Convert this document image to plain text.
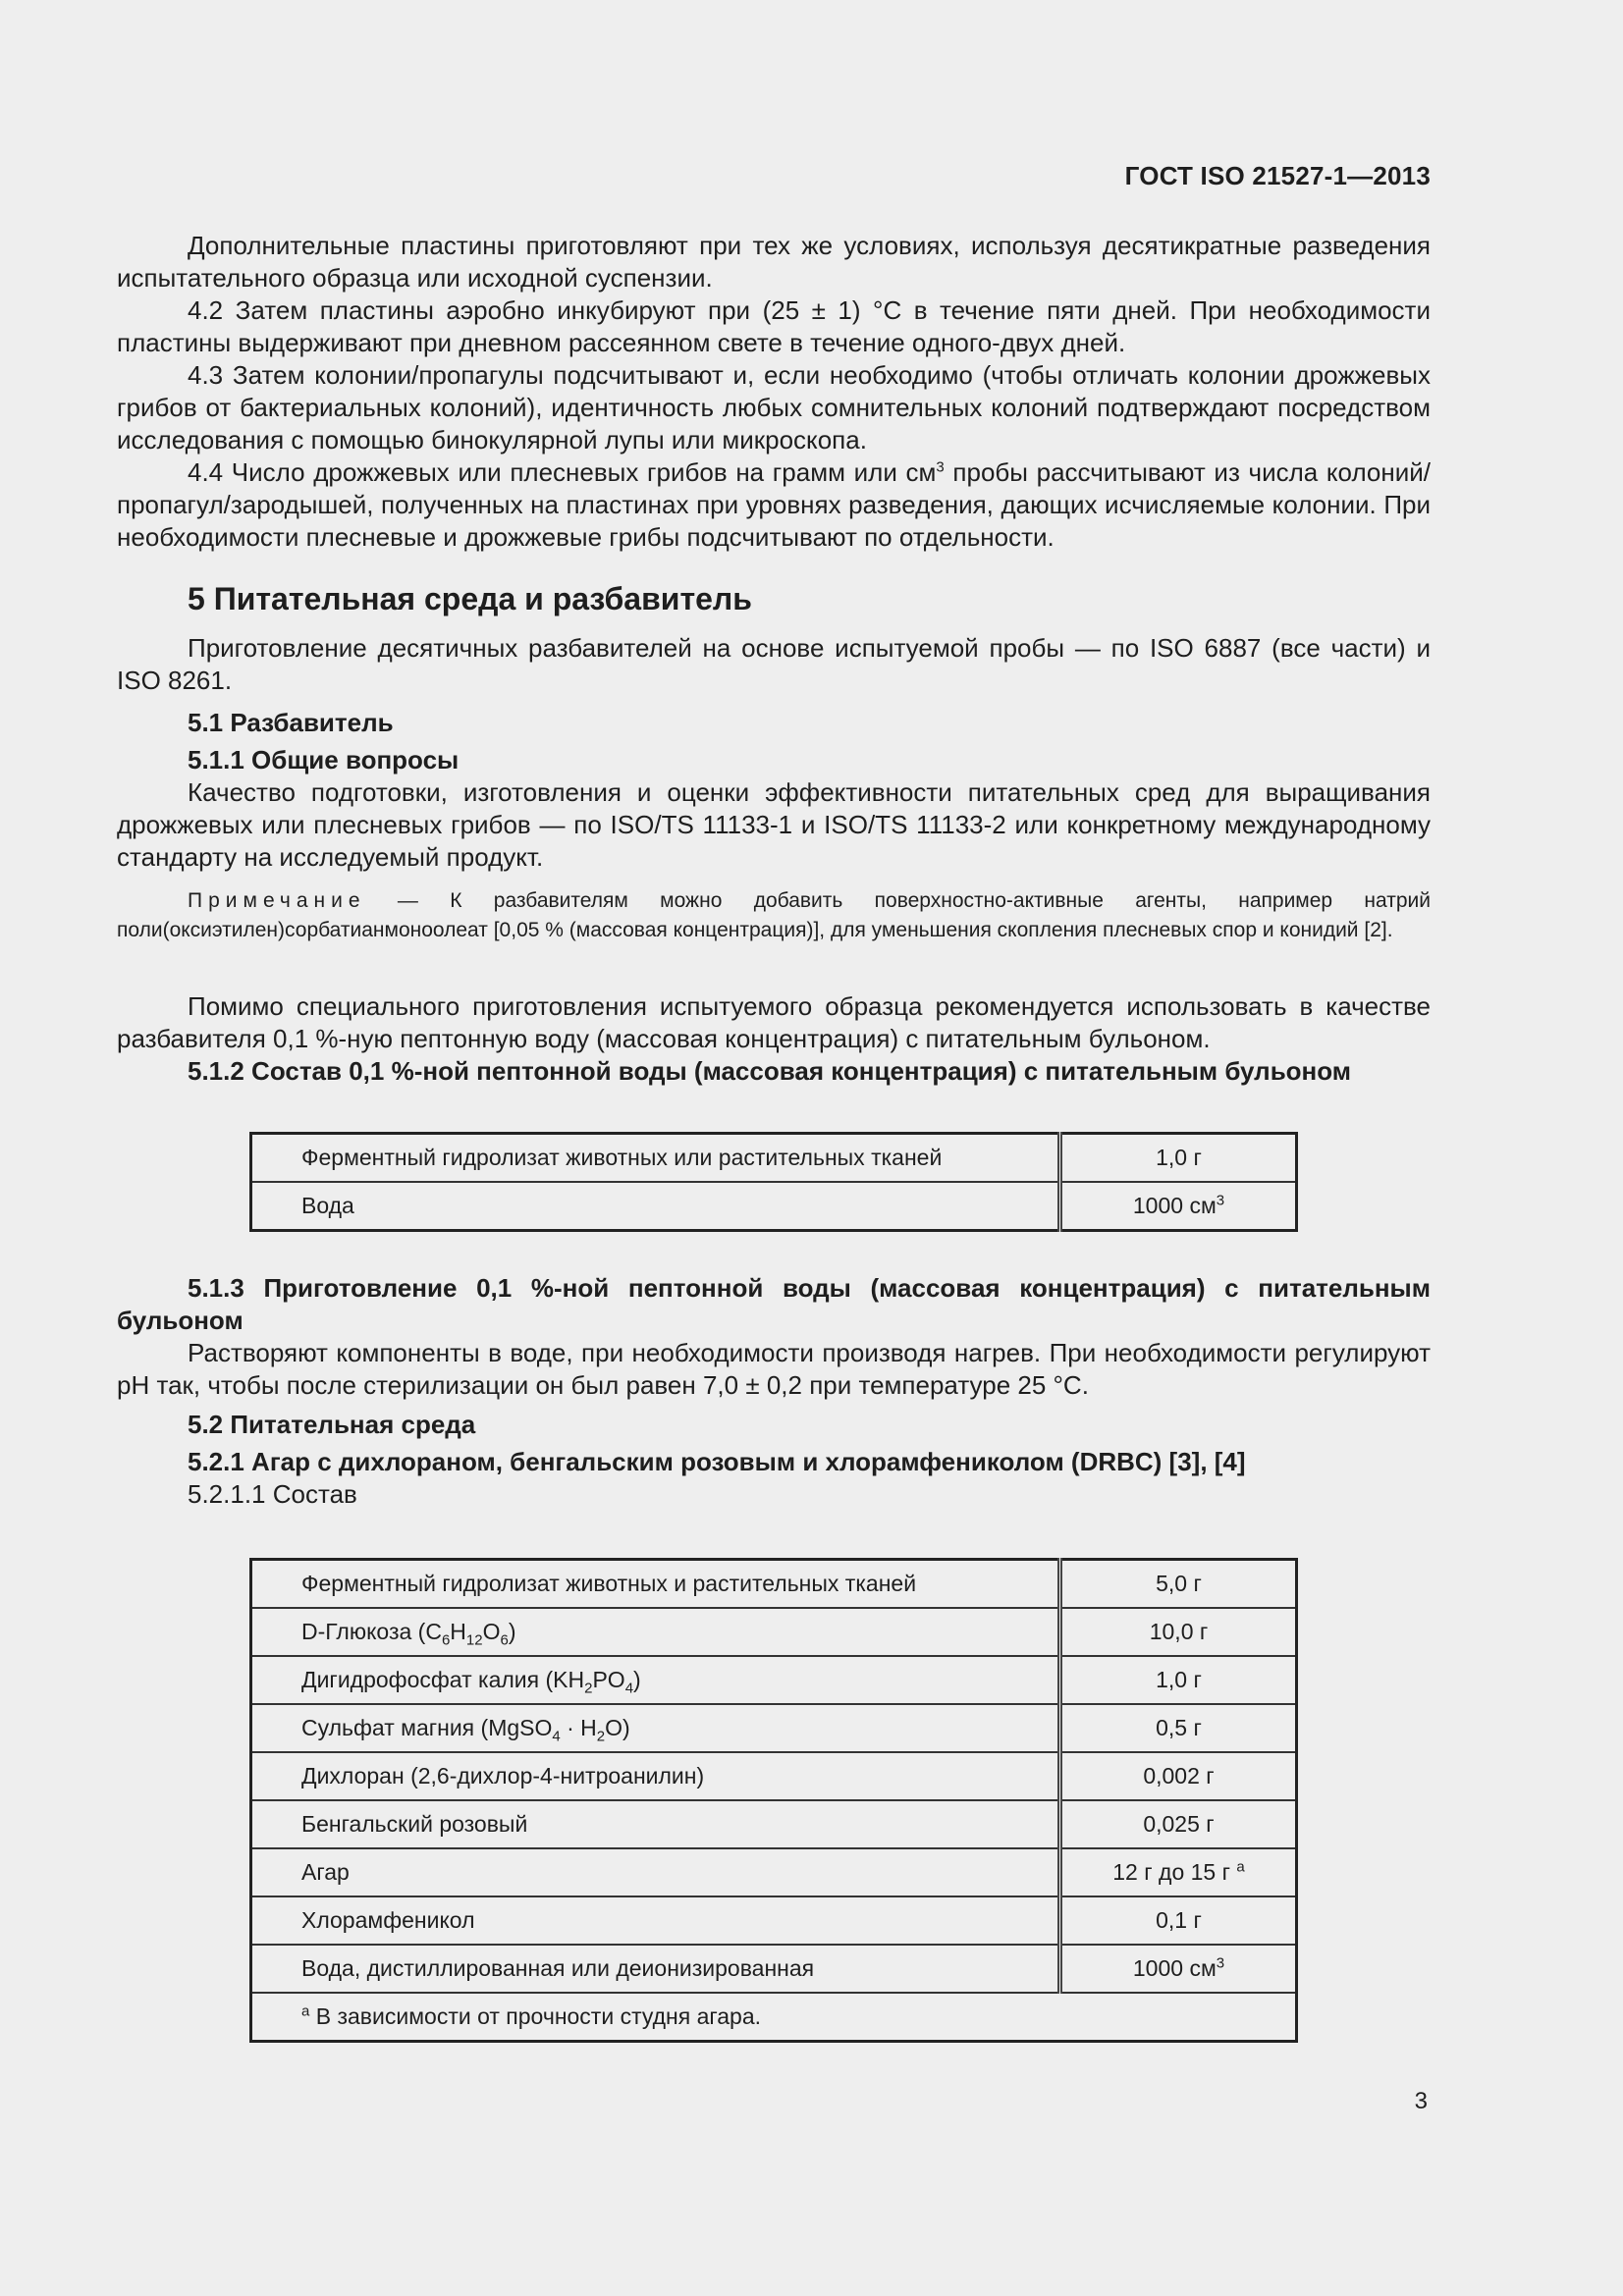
ГОСТ ISO 21527-1—2013

Дополнительные пластины приготовляют при тех же условиях, используя десятикратные разведения испытательного образца или исходной суспензии.

4.2 Затем пластины аэробно инкубируют при (25 ± 1) °С в течение пяти дней. При необходимости пластины выдерживают при дневном рассеянном свете в течение одного-двух дней.

4.3 Затем колонии/пропагулы подсчитывают и, если необходимо (чтобы отличать колонии дрожжевых грибов от бактериальных колоний), идентичность любых сомнительных колоний подтверждают посредством исследования с помощью бинокулярной лупы или микроскопа.

4.4 Число дрожжевых или плесневых грибов на грамм или $см^3$ пробы рассчитывают из числа колоний/пропагул/зародышей, полученных на пластинах при уровнях разведения, дающих исчисляемые колонии. При необходимости плесневые и дрожжевые грибы подсчитывают по отдельности.

5 Питательная среда и разбавитель

Приготовление десятичных разбавителей на основе испытуемой пробы — по ISO 6887 (все части) и ISO 8261.

5.1 Разбавитель

5.1.1 Общие вопросы

Качество подготовки, изготовления и оценки эффективности питательных сред для выращивания дрожжевых или плесневых грибов — по ISO/TS 11133-1 и ISO/TS 11133-2 или конкретному международному стандарту на исследуемый продукт.

Примечание — К разбавителям можно добавить поверхностно-активные агенты, например натрий поли(оксиэтилен)сорбатианмоноолеат [0,05 % (массовая концентрация)], для уменьшения скопления плесневых спор и конидий [2].

Помимо специального приготовления испытуемого образца рекомендуется использовать в качестве разбавителя 0,1 %-ную пептонную воду (массовая концентрация) с питательным бульоном.

5.1.2 Состав 0,1 %-ной пептонной воды (массовая концентрация) с питательным бульоном

Ферментный гидролизат животных или растительных тканей	1,0 г
Вода	1000 $см^3$

5.1.3 Приготовление 0,1 %-ной пептонной воды (массовая концентрация) с питательным бульоном

Растворяют компоненты в воде, при необходимости производя нагрев. При необходимости регулируют pH так, чтобы после стерилизации он был равен 7,0 ± 0,2 при температуре 25 °С.

5.2 Питательная среда

5.2.1 Агар с дихлораном, бенгальским розовым и хлорамфениколом (DRBC) [3], [4]

5.2.1.1 Состав

Ферментный гидролизат животных и растительных тканей	5,0 г
D-Глюкоза $(C_6H_{12}O_6)$	10,0 г
Дигидрофосфат калия $(KH_2PO_4)$	1,0 г
Сульфат магния (MgSO$_4$ · $H_2O$)	0,5 г
Дихлоран (2,6-дихлор-4-нитроанилин)	0,002 г
Бенгальский розовый	0,025 г
Агар	12 г до 15 г $^a$
Хлорамфеникол	0,1 г
Вода, дистиллированная или деионизированная	1000 $см^3$
$^a$ В зависимости от прочности студня агара.	
3
